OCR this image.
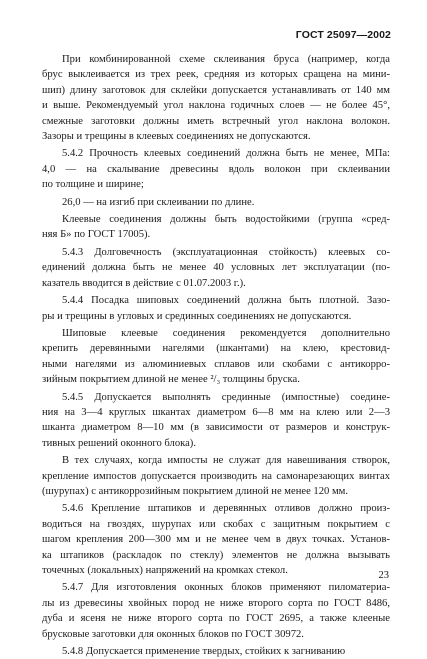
ГОСТ 25097—2002
При комбинированной схеме склеивания бруса (например, когда
брус выклеивается из трех реек, средняя из которых сращена на мини-
шип) длину заготовок для склейки допускается устанавливать от 140 мм
и выше. Рекомендуемый угол наклона годичных слоев — не более 45°,
смежные заготовки должны иметь встречный угол наклона волокон.
Зазоры и трещины в клеевых соединениях не допускаются.
5.4.2 Прочность клеевых соединений должна быть не менее, МПа:
4,0 — на скалывание древесины вдоль волокон при склеивании
по толщине и ширине;
26,0 — на изгиб при склеивании по длине.
Клеевые соединения должны быть водостойкими (группа «сред-
няя Б» по ГОСТ 17005).
5.4.3 Долговечность (эксплуатационная стойкость) клеевых со-
единений должна быть не менее 40 условных лет эксплуатации (по-
казатель вводится в действие с 01.07.2003 г.).
5.4.4 Посадка шиповых соединений должна быть плотной. Зазо-
ры и трещины в угловых и срединных соединениях не допускаются.
Шиповые клеевые соединения рекомендуется дополнительно
крепить деревянными нагелями (шкантами) на клею, крестовид-
ными нагелями из алюминиевых сплавов или скобами с антикорро-
зийным покрытием длиной не менее ²/₃ толщины бруска.
5.4.5 Допускается выполнять срединные (импостные) соедине-
ния на 3—4 круглых шкантах диаметром 6—8 мм на клею или 2—3
шканта диаметром 8—10 мм (в зависимости от размеров и конструк-
тивных решений оконного блока).
В тех случаях, когда импосты не служат для навешивания створок,
крепление импостов допускается производить на самонарезающих винтах
(шурупах) с антикоррозийным покрытием длиной не менее 120 мм.
5.4.6 Крепление штапиков и деревянных отливов должно произ-
водиться на гвоздях, шурупах или скобах с защитным покрытием с
шагом крепления 200—300 мм и не менее чем в двух точках. Установ-
ка штапиков (раскладок по стеклу) элементов не должна вызывать
точечных (локальных) напряжений на кромках стекол.
5.4.7 Для изготовления оконных блоков применяют пиломатериа-
лы из древесины хвойных пород не ниже второго сорта по ГОСТ 8486,
дуба и ясеня не ниже второго сорта по ГОСТ 2695, а также клееные
брусковые заготовки для оконных блоков по ГОСТ 30972.
5.4.8 Допускается применение твердых, стойких к загниванию
23
